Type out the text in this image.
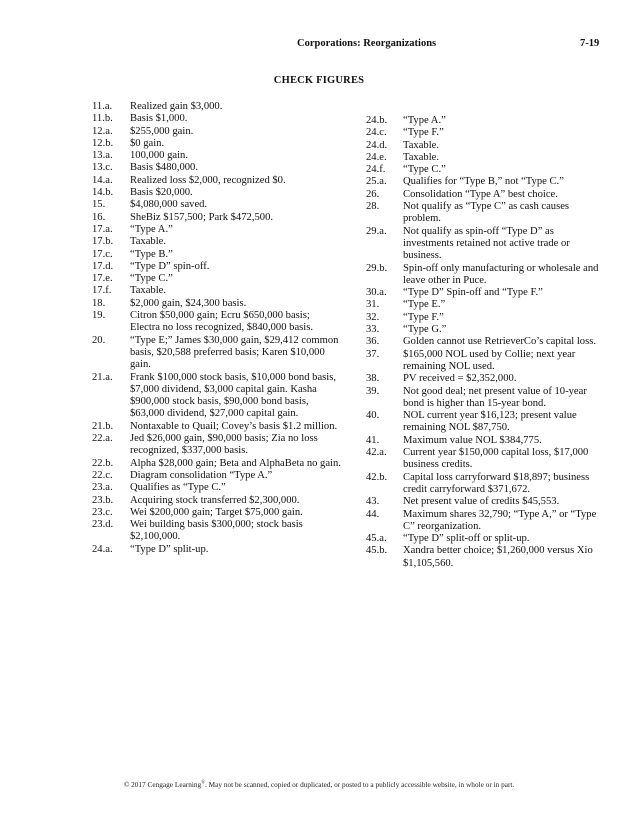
Corporations: Reorganizations	7-19
CHECK FIGURES
11.a.	Realized gain $3,000.
11.b.	Basis $1,000.
12.a.	$255,000 gain.
12.b.	$0 gain.
13.a.	100,000 gain.
13.c.	Basis $480,000.
14.a.	Realized loss $2,000, recognized $0.
14.b.	Basis $20,000.
15.	$4,080,000 saved.
16.	SheBiz $157,500; Park $472,500.
17.a.	“Type A.”
17.b.	Taxable.
17.c.	“Type B.”
17.d.	“Type D” spin-off.
17.e.	“Type C.”
17.f.	Taxable.
18.	$2,000 gain, $24,300 basis.
19.	Citron $50,000 gain; Ecru $650,000 basis; Electra no loss recognized, $840,000 basis.
20.	“Type E;” James $30,000 gain, $29,412 common basis, $20,588 preferred basis; Karen $10,000 gain.
21.a.	Frank $100,000 stock basis, $10,000 bond basis, $7,000 dividend, $3,000 capital gain. Kasha $900,000 stock basis, $90,000 bond basis, $63,000 dividend, $27,000 capital gain.
21.b.	Nontaxable to Quail; Covey’s basis $1.2 million.
22.a.	Jed $26,000 gain, $90,000 basis; Zia no loss recognized, $337,000 basis.
22.b.	Alpha $28,000 gain; Beta and AlphaBeta no gain.
22.c.	Diagram consolidation “Type A.”
23.a.	Qualifies as “Type C.”
23.b.	Acquiring stock transferred $2,300,000.
23.c.	Wei $200,000 gain; Target $75,000 gain.
23.d.	Wei building basis $300,000; stock basis $2,100,000.
24.a.	“Type D” split-up.
24.b.	“Type A.”
24.c.	“Type F.”
24.d.	Taxable.
24.e.	Taxable.
24.f.	“Type C.”
25.a.	Qualifies for “Type B,” not “Type C.”
26.	Consolidation “Type A” best choice.
28.	Not qualify as “Type C” as cash causes problem.
29.a.	Not qualify as spin-off “Type D” as investments retained not active trade or business.
29.b.	Spin-off only manufacturing or wholesale and leave other in Puce.
30.a.	“Type D” Spin-off and “Type F.”
31.	“Type E.”
32.	“Type F.”
33.	“Type G.”
36.	Golden cannot use RetrieverCo’s capital loss.
37.	$165,000 NOL used by Collie; next year remaining NOL used.
38.	PV received = $2,352,000.
39.	Not good deal; net present value of 10-year bond is higher than 15-year bond.
40.	NOL current year $16,123; present value remaining NOL $87,750.
41.	Maximum value NOL $384,775.
42.a.	Current year $150,000 capital loss, $17,000 business credits.
42.b.	Capital loss carryforward $18,897; business credit carryforward $371,672.
43.	Net present value of credits $45,553.
44.	Maximum shares 32,790; “Type A,” or “Type C” reorganization.
45.a.	“Type D” split-off or split-up.
45.b.	Xandra better choice; $1,260,000 versus Xio $1,105,560.
© 2017 Cengage Learning®. May not be scanned, copied or duplicated, or posted to a publicly accessible website, in whole or in part.
